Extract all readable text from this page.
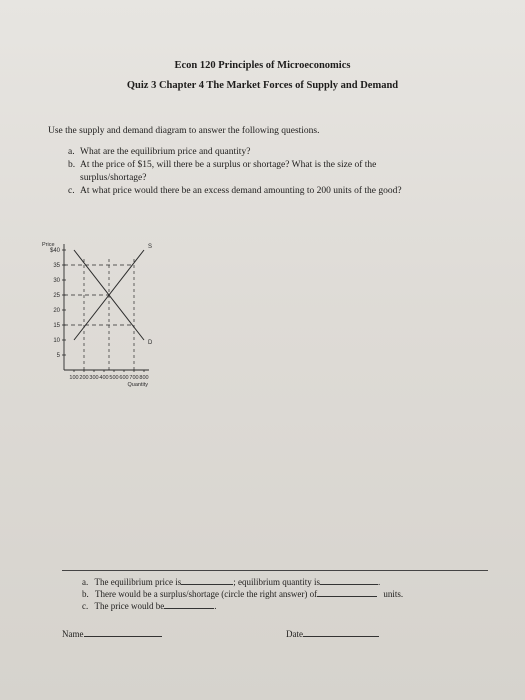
Econ 120 Principles of Microeconomics
Quiz 3 Chapter 4 The Market Forces of Supply and Demand
Use the supply and demand diagram to answer the following questions.
a. What are the equilibrium price and quantity?
b. At the price of $15, will there be a surplus or shortage? What is the size of the
surplus/shortage?
c. At what price would there be an excess demand amounting to 200 units of the good?
Price
$40
35
30
25
20
15
10
5
100 200 300 400 500 600 700 800
Quantity
S
D
a. The equilibrium price is	; equilibrium quantity is	.
b. There would be a surplus/shortage (circle the right answer) of	units.
c. The price would be	.
Name	Date
